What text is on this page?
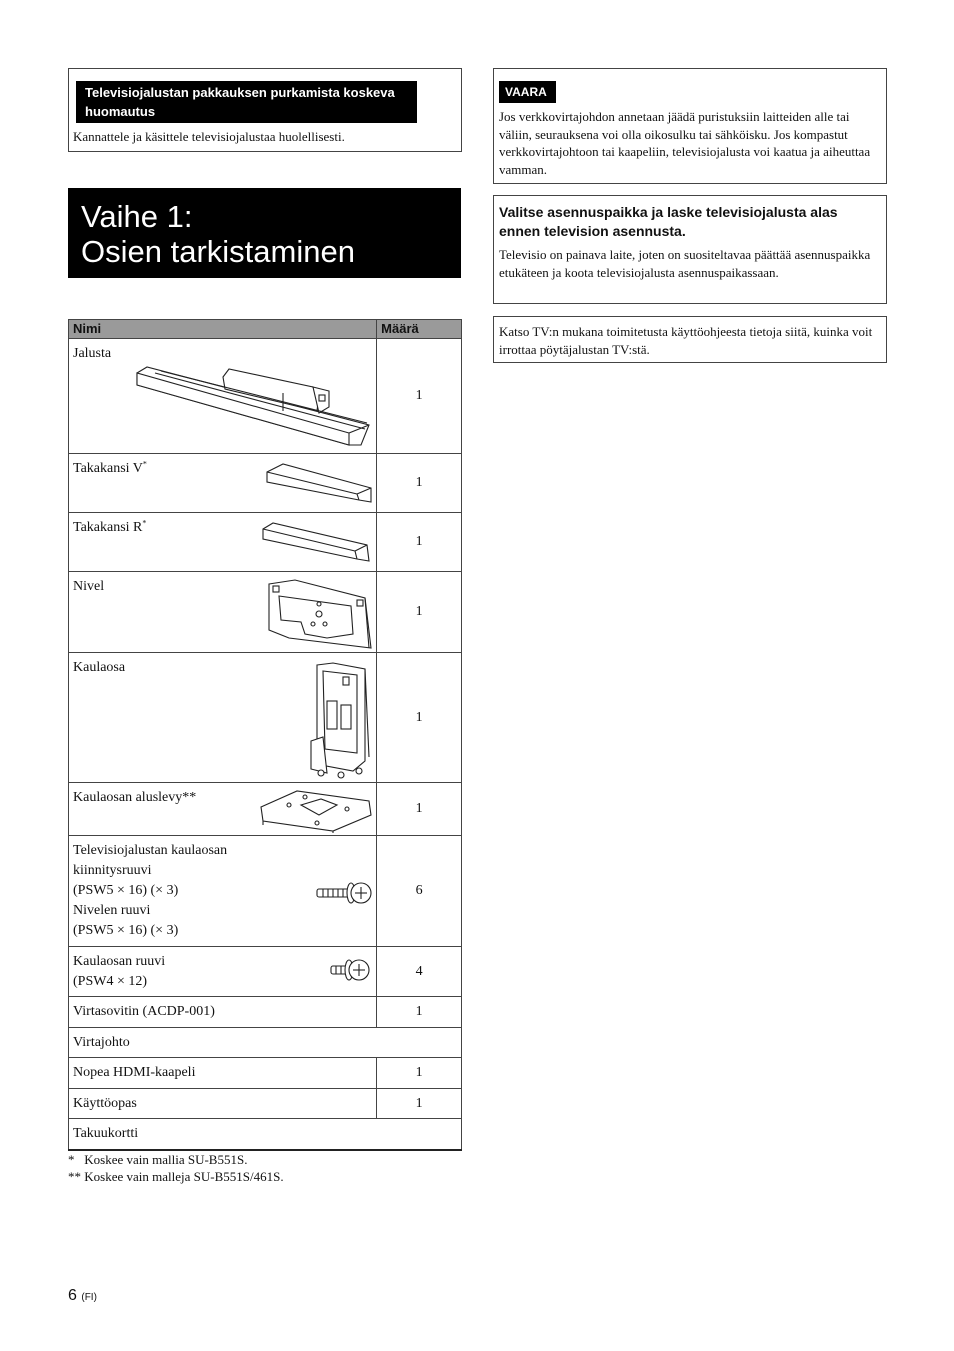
Televisiojalustan pakkauksen purkamista koskeva huomautus
Kannattele ja käsittele televisiojalustaa huolellisesti.
Vaihe 1:
Osien tarkistaminen
Nimi	Määrä
Jalusta	1
Takakansi V*	1
Takakansi R*	1
Nivel	1
Kaulaosa	1
Kaulaosan aluslevy**	1

Televisiojalustan kaulaosan
kiinnitysruuvi
(PSW5 × 16) (× 3)
Nivelen ruuvi
(PSW5 × 16) (× 3)	6

Kaulaosan ruuvi
(PSW4 × 12)	4
Virtasovitin (ACDP-001)	1
Virtajohto	
Nopea HDMI-kaapeli	1
Käyttöopas	1
Takuukortti	
*   Koskee vain mallia SU-B551S.
** Koskee vain malleja SU-B551S/461S.
VAARA
Jos verkkovirtajohdon annetaan jäädä puristuksiin laitteiden alle tai väliin, seurauksena voi olla oikosulku tai sähköisku. Jos kompastut verkkovirtajohtoon tai kaapeliin, televisiojalusta voi kaatua ja aiheuttaa vamman.
Valitse asennuspaikka ja laske televisiojalusta alas ennen television asennusta.
Televisio on painava laite, joten on suositeltavaa päättää asennuspaikka etukäteen ja koota televisiojalusta asennuspaikassaan.
Katso TV:n mukana toimitetusta käyttöohjeesta tietoja siitä, kuinka voit irrottaa pöytäjalustan TV:stä.
6 (FI)
